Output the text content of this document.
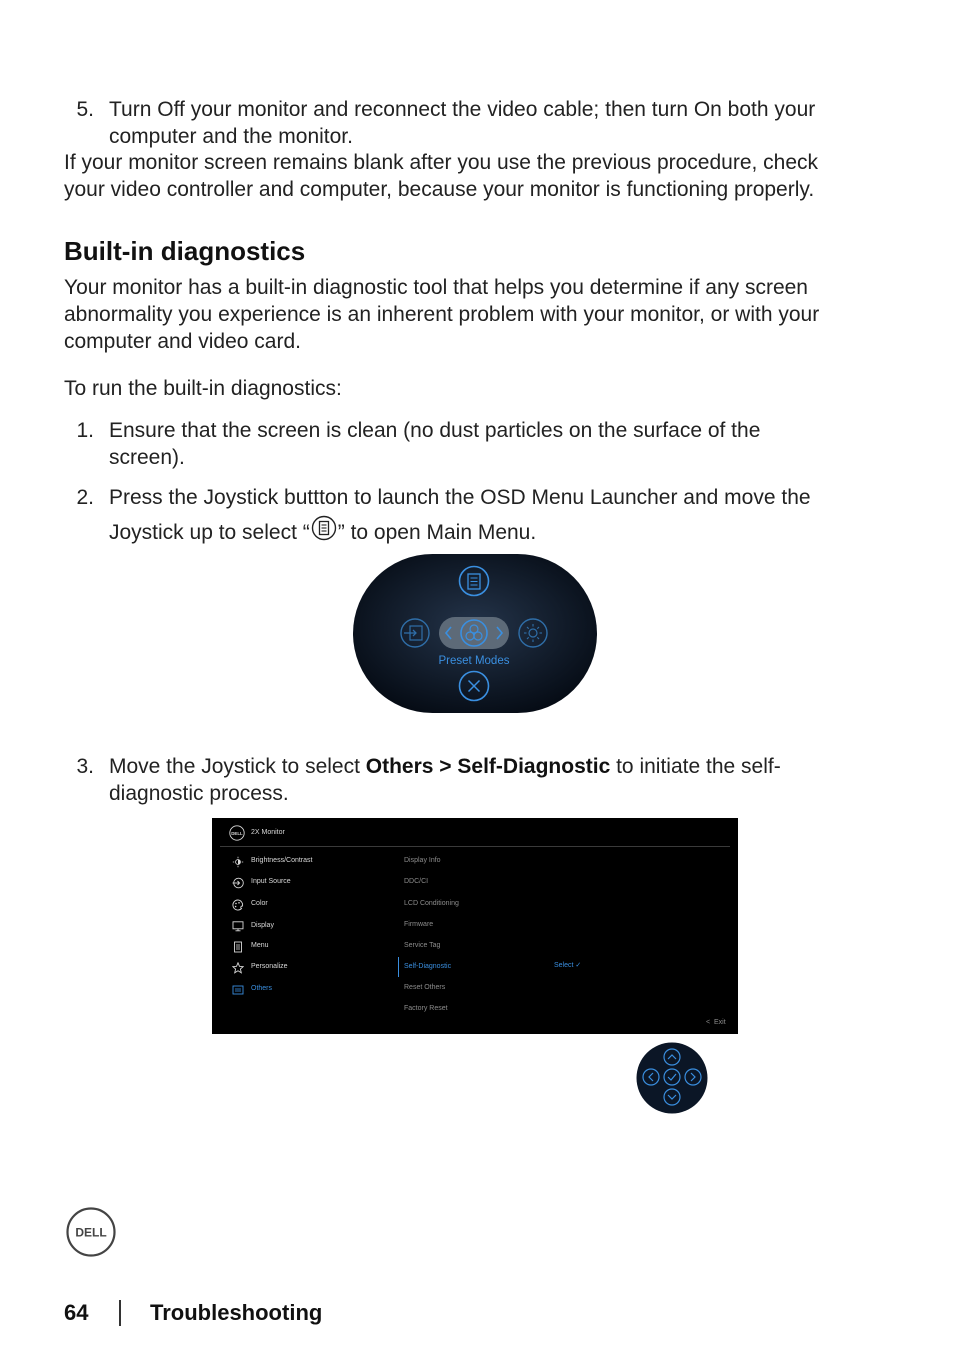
5. Turn Off your monitor and reconnect the video cable; then turn On both your

computer and the monitor.

If your monitor screen remains blank after you use the previous procedure, check

your video controller and computer, because your monitor is functioning properly.

Built-in diagnostics

Your monitor has a built-in diagnostic tool that helps you determine if any screen

abnormality you experience is an inherent problem with your monitor, or with your

computer and video card.

To run the built-in diagnostics:

1. Ensure that the screen is clean (no dust particles on the surface of the

screen).

2. Press the Joystick buttton to launch the OSD Menu Launcher and move the

Joystick up to select “ ” to open Main Menu.

Preset Modes
3. Move the Joystick to select Others > Self-Diagnostic to initiate the self-

diagnostic process.

DELL 2X Monitor
Brightness/Contrast
Input Source
Color
Display
Menu
Personalize
Others
Display Info
DDC/CI
LCD Conditioning
Firmware
Service Tag
Self-Diagnostic
Reset Others
Factory Reset
Select ✓
< Exit
DELL
64	Troubleshooting
